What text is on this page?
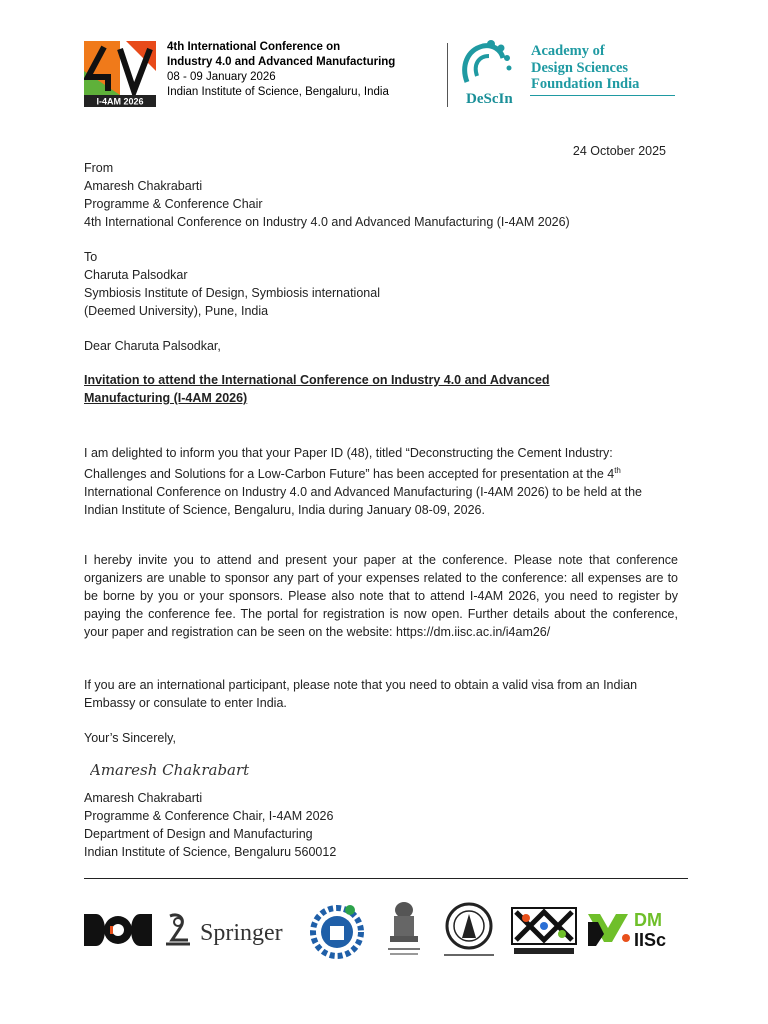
I-4AM 2026
4th International Conference on
Industry 4.0 and Advanced Manufacturing
08 - 09 January 2026
Indian Institute of Science, Bengaluru, India	DeScIn
Academy of
Design Sciences
Foundation India
24 October 2025
From
Amaresh Chakrabarti
Programme & Conference Chair
4th International Conference on Industry 4.0 and Advanced Manufacturing (I-4AM 2026)
To
Charuta Palsodkar
Symbiosis Institute of Design, Symbiosis international
(Deemed University), Pune, India
Dear Charuta Palsodkar,
Invitation to attend the International Conference on Industry 4.0 and Advanced
Manufacturing (I-4AM 2026)
I am delighted to inform you that your Paper ID (48), titled “Deconstructing the Cement Industry: Challenges and Solutions for a Low-Carbon Future” has been accepted for presentation at the 4th International Conference on Industry 4.0 and Advanced Manufacturing (I-4AM 2026) to be held at the Indian Institute of Science, Bengaluru, India during January 08-09, 2026.
I hereby invite you to attend and present your paper at the conference. Please note that conference organizers are unable to sponsor any part of your expenses related to the conference: all expenses are to be borne by you or your sponsors. Please also note that to attend I-4AM 2026, you need to register by paying the conference fee. The portal for registration is now open. Further details about the conference, your paper and registration can be seen on the website: https://dm.iisc.ac.in/i4am26/
If you are an international participant, please note that you need to obtain a valid visa from an Indian Embassy or consulate to enter India.
Your’s Sincerely,
Amaresh Chakrabarti
Amaresh Chakrabarti
Programme & Conference Chair, I-4AM 2026
Department of Design and Manufacturing
Indian Institute of Science, Bengaluru 560012
Springer	DM
IISc
